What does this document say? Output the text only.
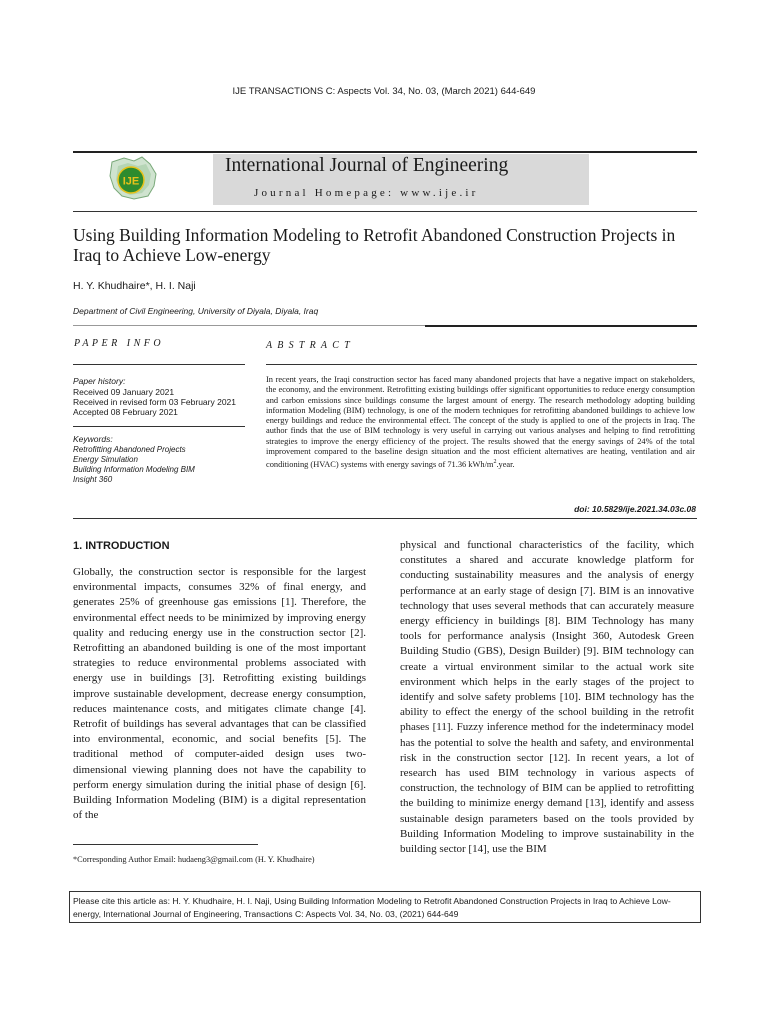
IJE TRANSACTIONS C: Aspects Vol. 34, No. 03, (March 2021) 644-649
IJE
International Journal of Engineering
Journal Homepage: www.ije.ir
Using Building Information Modeling to Retrofit Abandoned Construction Projects in Iraq to Achieve Low-energy
H. Y. Khudhaire*, H. I. Naji
Department of Civil Engineering, University of Diyala, Diyala, Iraq
PAPER INFO	ABSTRACT
Paper history:
Received 09 January 2021
Received in revised form 03 February 2021
Accepted 08 February 2021
Keywords:
Retrofitting Abandoned Projects
Energy Simulation
Building Information Modeling BIM
Insight 360
In recent years, the Iraqi construction sector has faced many abandoned projects that have a negative impact on stakeholders, the economy, and the environment. Retrofitting existing buildings offer significant opportunities to reduce energy consumption and carbon emissions since buildings consume the largest amount of energy. The research methodology adopting building information Modeling (BIM) technology, is one of the modern techniques for retrofitting abandoned buildings to achieve low energy buildings and reduce the environmental effect. The concept of the study is applied to one of the projects in Iraq. The author finds that the use of BIM technology is very useful in carrying out various analyses and helping to find retrofitting strategies to improve the energy efficiency of the project. The results showed that the energy savings of 24% of the total improvement compared to the baseline design situation and the most efficient alternatives are heating, ventilation and air conditioning (HVAC) systems with energy savings of 71.36 kWh/$m^2.year$.
doi: 10.5829/ije.2021.34.03c.08
1. INTRODUCTION
Globally, the construction sector is responsible for the largest environmental impacts, consumes 32% of final energy, and generates 25% of greenhouse gas emissions [1]. Therefore, the environmental effect needs to be minimized by improving energy quality and reducing energy use in the construction sector [2]. Retrofitting an abandoned building is one of the most important strategies to reduce environmental problems associated with energy use in buildings [3]. Retrofitting existing buildings improve sustainable development, decrease energy consumption, reduces maintenance costs, and mitigates climate change [4]. Retrofit of buildings has several advantages that can be classified into environmental, economic, and social benefits [5]. The traditional method of computer-aided design uses two-dimensional viewing planning does not have the capability to perform energy simulation during the initial phase of design [6]. Building Information Modeling (BIM) is a digital representation of the
*Corresponding Author Email: hudaeng3@gmail.com (H. Y. Khudhaire)
physical and functional characteristics of the facility, which constitutes a shared and accurate knowledge platform for conducting sustainability measures and the analysis of energy performance at an early stage of design [7]. BIM is an innovative technology that uses several methods that can accurately measure energy efficiency in buildings [8]. BIM Technology has many tools for performance analysis (Insight 360, Autodesk Green Building Studio (GBS), Design Builder) [9]. BIM technology can create a virtual environment similar to the actual work site environment which helps in the early stages of the project to identify and solve safety problems [10]. BIM technology has the ability to effect the energy of the school building in the retrofit phases [11]. Fuzzy inference method for the indeterminacy model has the potential to solve the health and safety, and environmental risk in the construction sector [12]. In recent years, a lot of research has used BIM technology in various aspects of construction, the technology of BIM can be applied to retrofitting the building to minimize energy demand [13], identify and assess sustainable design parameters based on the tools provided by Building Information Modeling to improve sustainability in the building sector [14], use the BIM
Please cite this article as: H. Y. Khudhaire, H. I. Naji, Using Building Information Modeling to Retrofit Abandoned Construction Projects in Iraq to Achieve Low-energy, International Journal of Engineering, Transactions C: Aspects Vol. 34, No. 03, (2021) 644-649
